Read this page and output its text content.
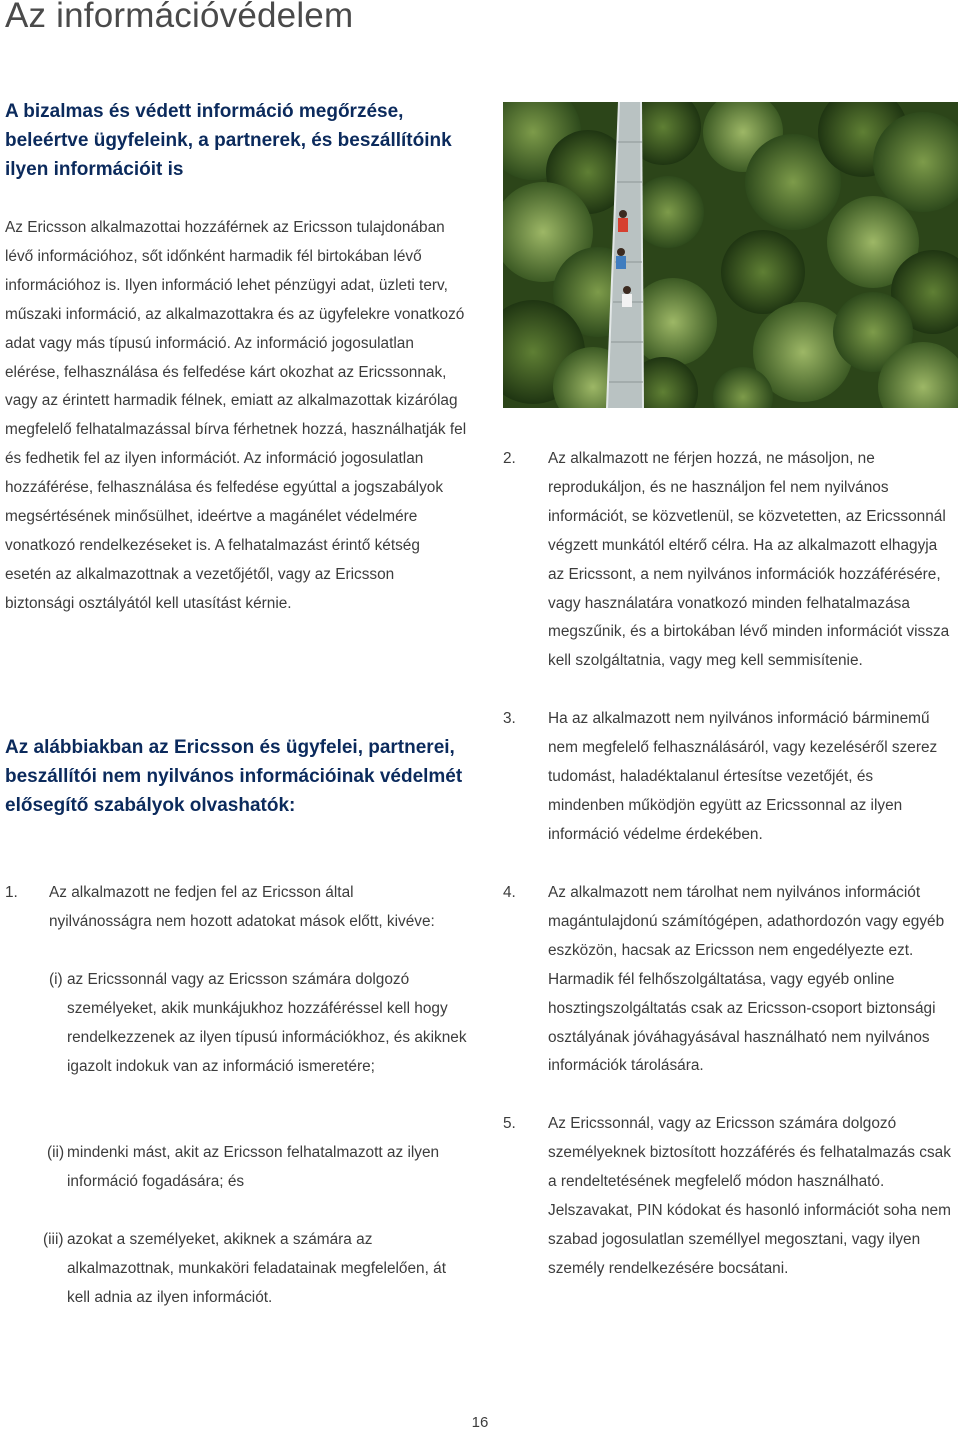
Az információvédelem
A bizalmas és védett információ megőrzése, beleértve ügyfeleink, a partnerek, és beszállítóink ilyen információit is

Az Ericsson alkalmazottai hozzáférnek az Ericsson tulajdonában lévő információhoz, sőt időnként harmadik fél birtokában lévő információhoz is. Ilyen információ lehet pénzügyi adat, üzleti terv, műszaki információ, az alkalmazottakra és az ügyfelekre vonatkozó adat vagy más típusú információ. Az információ jogosulatlan elérése, felhasználása és felfedése kárt okozhat az Ericssonnak, vagy az érintett harmadik félnek, emiatt az alkalmazottak kizárólag megfelelő felhatalmazással bírva férhetnek hozzá, használhatják fel és fedhetik fel az ilyen információt. Az információ jogosulatlan hozzáférése, felhasználása és felfedése egyúttal a jogszabályok megsértésének minősülhet, ideértve a magánélet védelmére vonatkozó rendelkezéseket is. A felhatalmazást érintő kétség esetén az alkalmazottnak a vezetőjétől, vagy az Ericsson biztonsági osztályától kell utasítást kérnie.

Az alábbiakban az Ericsson és ügyfelei, partnerei, beszállítói nem nyilvános információinak védelmét elősegítő szabályok olvashatók:
1. Az alkalmazott ne fedjen fel az Ericsson által nyilvánosságra nem hozott adatokat mások előtt, kivéve:

(i) az Ericssonnál vagy az Ericsson számára dolgozó személyeket, akik munkájukhoz hozzáféréssel kell hogy rendelkezzenek az ilyen típusú információkhoz, és akiknek igazolt indokuk van az információ ismeretére;

(ii) mindenki mást, akit az Ericsson felhatalmazott az ilyen információ fogadására; és

(iii) azokat a személyeket, akiknek a számára az alkalmazottnak, munkaköri feladatainak megfelelően, át kell adnia az ilyen információt.

2. Az alkalmazott ne férjen hozzá, ne másoljon, ne reprodukáljon, és ne használjon fel nem nyilvános információt, se közvetlenül, se közvetetten, az Ericssonnál végzett munkától eltérő célra. Ha az alkalmazott elhagyja az Ericssont, a nem nyilvános információk hozzáférésére, vagy használatára vonatkozó minden felhatalmazása megszűnik, és a birtokában lévő minden információt vissza kell szolgáltatnia, vagy meg kell semmisítenie.

3. Ha az alkalmazott nem nyilvános információ bárminemű nem megfelelő felhasználásáról, vagy kezeléséről szerez tudomást, haladéktalanul értesítse vezetőjét, és mindenben működjön együtt az Ericssonnal az ilyen információ védelme érdekében.

4. Az alkalmazott nem tárolhat nem nyilvános információt magántulajdonú számítógépen, adathordozón vagy egyéb eszközön, hacsak az Ericsson nem engedélyezte ezt. Harmadik fél felhőszolgáltatása, vagy egyéb online hosztingszolgáltatás csak az Ericsson-csoport biztonsági osztályának jóváhagyásával használható nem nyilvános információk tárolására.

5. Az Ericssonnál, vagy az Ericsson számára dolgozó személyeknek biztosított hozzáférés és felhatalmazás csak a rendeltetésének megfelelő módon használható. Jelszavakat, PIN kódokat és hasonló információt soha nem szabad jogosulatlan személlyel megosztani, vagy ilyen személy rendelkezésére bocsátani.

16
